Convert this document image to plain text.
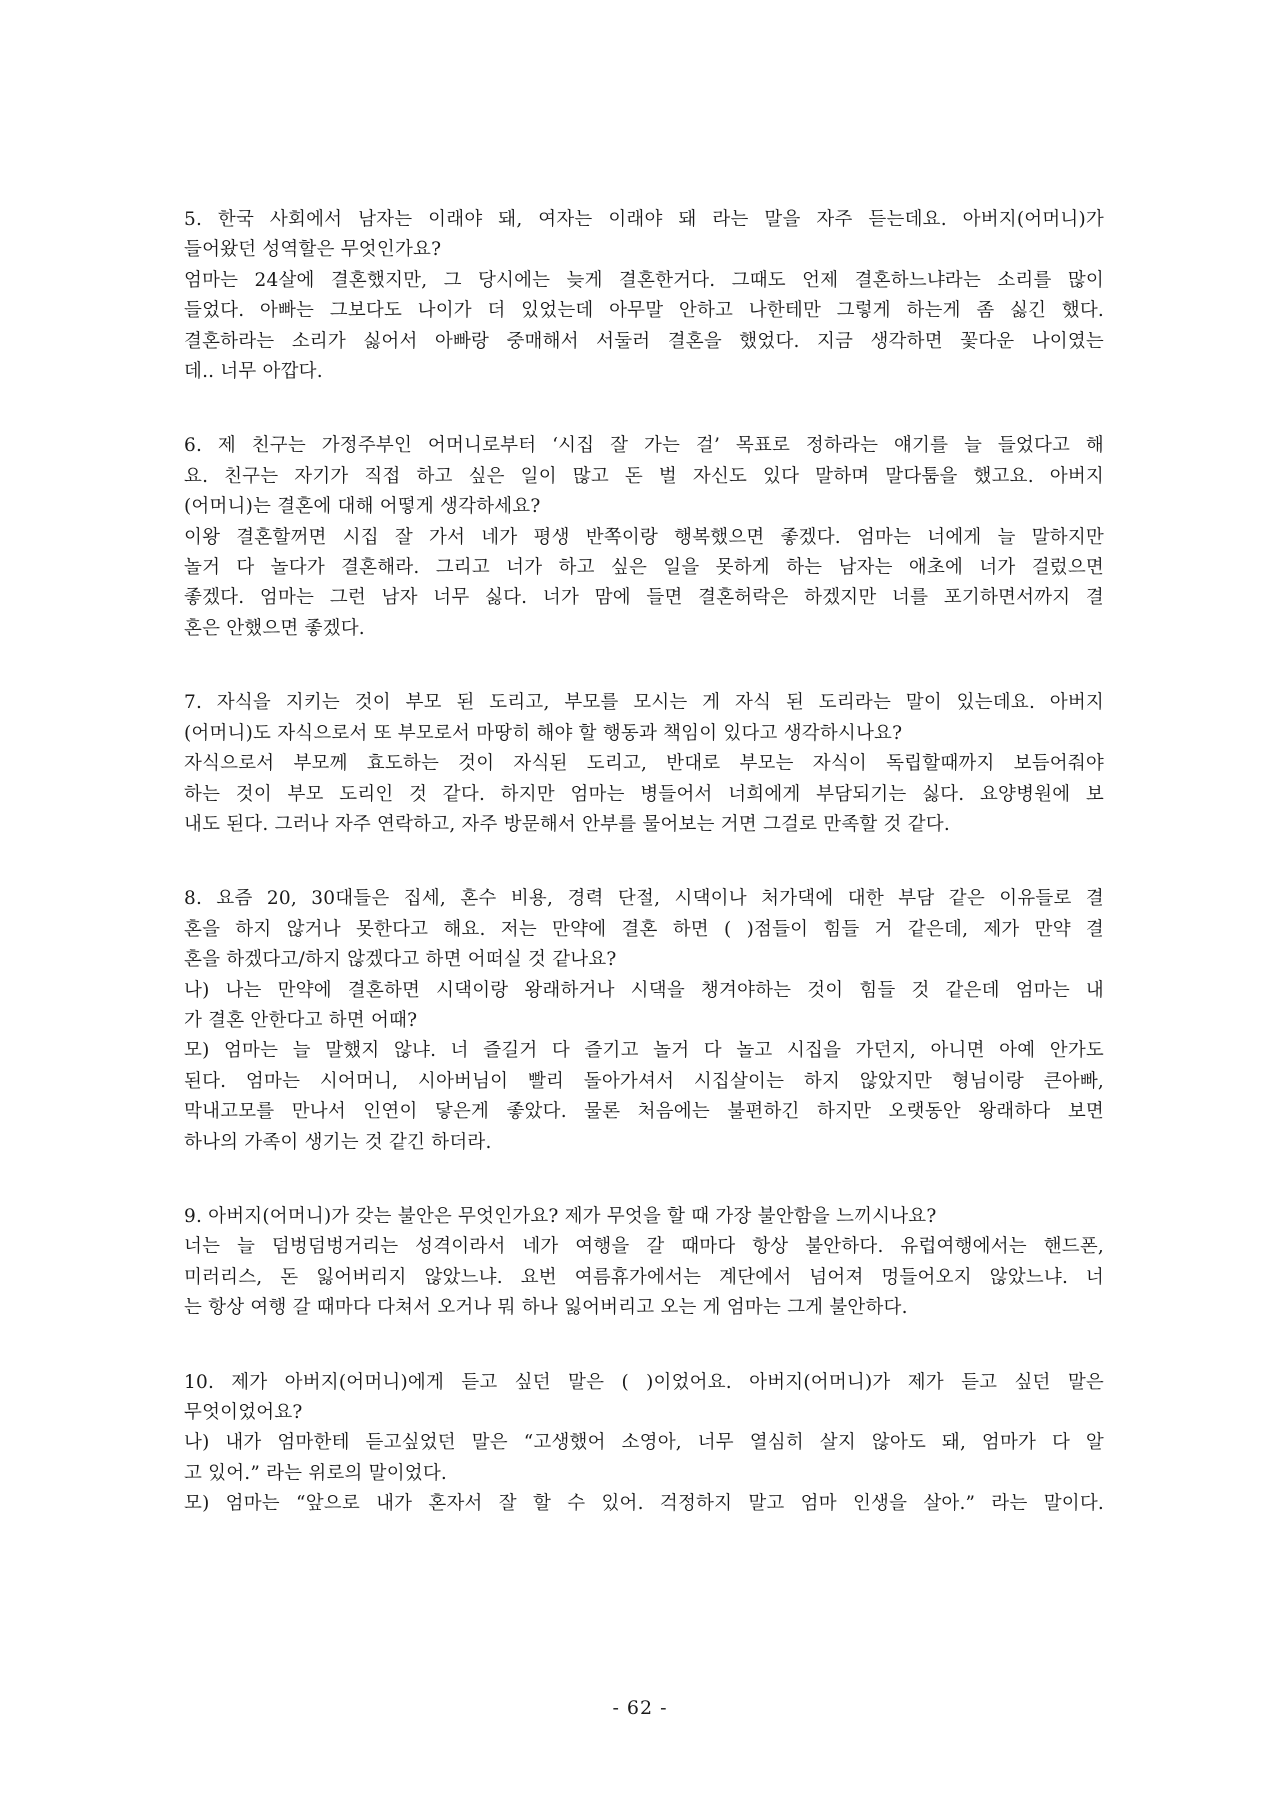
5. 한국 사회에서 남자는 이래야 돼, 여자는 이래야 돼 라는 말을 자주 듣는데요. 아버지(어머니)가
들어왔던 성역할은 무엇인가요?
엄마는 24살에 결혼했지만, 그 당시에는 늦게 결혼한거다. 그때도 언제 결혼하느냐라는 소리를 많이
들었다. 아빠는 그보다도 나이가 더 있었는데 아무말 안하고 나한테만 그렇게 하는게 좀 싫긴 했다.
결혼하라는 소리가 싫어서 아빠랑 중매해서 서둘러 결혼을 했었다. 지금 생각하면 꽃다운 나이였는
데.. 너무 아깝다.
6. 제 친구는 가정주부인 어머니로부터 ‘시집 잘 가는 걸’ 목표로 정하라는 얘기를 늘 들었다고 해
요. 친구는 자기가 직접 하고 싶은 일이 많고 돈 벌 자신도 있다 말하며 말다툼을 했고요. 아버지
(어머니)는 결혼에 대해 어떻게 생각하세요?
이왕 결혼할꺼면 시집 잘 가서 네가 평생 반쪽이랑 행복했으면 좋겠다. 엄마는 너에게 늘 말하지만
놀거 다 놀다가 결혼해라. 그리고 너가 하고 싶은 일을 못하게 하는 남자는 애초에 너가 걸렀으면
좋겠다. 엄마는 그런 남자 너무 싫다. 너가 맘에 들면 결혼허락은 하겠지만 너를 포기하면서까지 결
혼은 안했으면 좋겠다.
7. 자식을 지키는 것이 부모 된 도리고, 부모를 모시는 게 자식 된 도리라는 말이 있는데요. 아버지
(어머니)도 자식으로서 또 부모로서 마땅히 해야 할 행동과 책임이 있다고 생각하시나요?
자식으로서 부모께 효도하는 것이 자식된 도리고, 반대로 부모는 자식이 독립할때까지 보듬어줘야
하는 것이 부모 도리인 것 같다. 하지만 엄마는 병들어서 너희에게 부담되기는 싫다. 요양병원에 보
내도 된다. 그러나 자주 연락하고, 자주 방문해서 안부를 물어보는 거면 그걸로 만족할 것 같다.
8. 요즘 20, 30대들은 집세, 혼수 비용, 경력 단절, 시댁이나 처가댁에 대한 부담 같은 이유들로 결
혼을 하지 않거나 못한다고 해요. 저는 만약에 결혼 하면 ( )점들이 힘들 거 같은데, 제가 만약 결
혼을 하겠다고/하지 않겠다고 하면 어떠실 것 같나요?
나) 나는 만약에 결혼하면 시댁이랑 왕래하거나 시댁을 챙겨야하는 것이 힘들 것 같은데 엄마는 내
가 결혼 안한다고 하면 어때?
모) 엄마는 늘 말했지 않냐. 너 즐길거 다 즐기고 놀거 다 놀고 시집을 가던지, 아니면 아예 안가도
된다. 엄마는 시어머니, 시아버님이 빨리 돌아가셔서 시집살이는 하지 않았지만 형님이랑 큰아빠,
막내고모를 만나서 인연이 닿은게 좋았다. 물론 처음에는 불편하긴 하지만 오랫동안 왕래하다 보면
하나의 가족이 생기는 것 같긴 하더라.
9. 아버지(어머니)가 갖는 불안은 무엇인가요? 제가 무엇을 할 때 가장 불안함을 느끼시나요?
너는 늘 덤벙덤벙거리는 성격이라서 네가 여행을 갈 때마다 항상 불안하다. 유럽여행에서는 핸드폰,
미러리스, 돈 잃어버리지 않았느냐. 요번 여름휴가에서는 계단에서 넘어져 멍들어오지 않았느냐. 너
는 항상 여행 갈 때마다 다쳐서 오거나 뭐 하나 잃어버리고 오는 게 엄마는 그게 불안하다.
10. 제가 아버지(어머니)에게 듣고 싶던 말은 ( )이었어요. 아버지(어머니)가 제가 듣고 싶던 말은
무엇이었어요?
나) 내가 엄마한테 듣고싶었던 말은 “고생했어 소영아, 너무 열심히 살지 않아도 돼, 엄마가 다 알
고 있어.” 라는 위로의 말이었다.
모) 엄마는 “앞으로 내가 혼자서 잘 할 수 있어. 걱정하지 말고 엄마 인생을 살아.” 라는 말이다.
- 62 -
